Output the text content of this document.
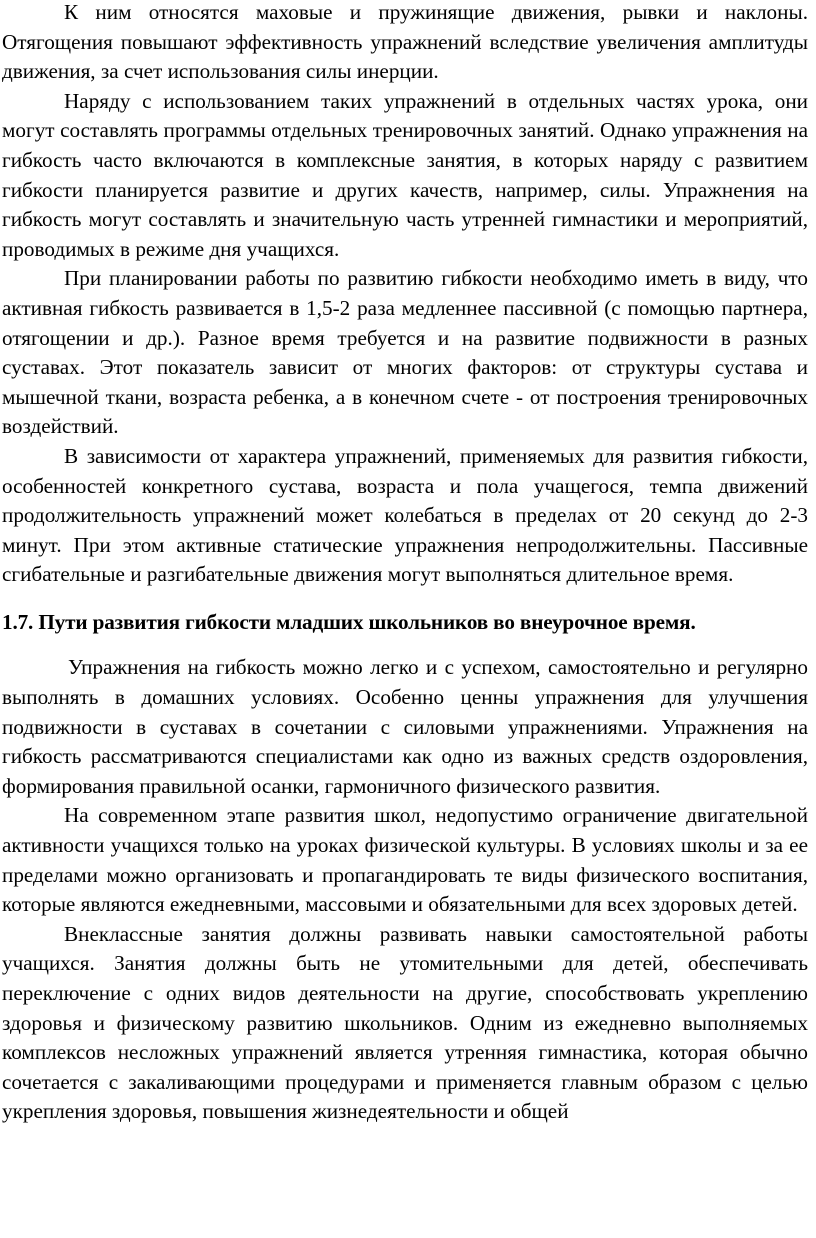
К ним относятся маховые и пружинящие движения, рывки и наклоны. Отягощения повышают эффективность упражнений вследствие увеличения амплитуды движения, за счет использования силы инерции.

Наряду с использованием таких упражнений в отдельных частях урока, они могут составлять программы отдельных тренировочных занятий. Однако упражнения на гибкость часто включаются в комплексные занятия, в которых наряду с развитием гибкости планируется развитие и других качеств, например, силы. Упражнения на гибкость могут составлять и значительную часть утренней гимнастики и мероприятий, проводимых в режиме дня учащихся.

При планировании работы по развитию гибкости необходимо иметь в виду, что активная гибкость развивается в 1,5-2 раза медленнее пассивной (с помощью партнера, отягощении и др.). Разное время требуется и на развитие подвижности в разных суставах. Этот показатель зависит от многих факторов: от структуры сустава и мышечной ткани, возраста ребенка, а в конечном счете - от построения тренировочных воздействий.

В зависимости от характера упражнений, применяемых для развития гибкости, особенностей конкретного сустава, возраста и пола учащегося, темпа движений продолжительность упражнений может колебаться в пределах от 20 секунд до 2-3 минут. При этом активные статические упражнения непродолжительны. Пассивные сгибательные и разгибательные движения могут выполняться длительное время.

1.7. Пути развития гибкости младших школьников во внеурочное время.

Упражнения на гибкость можно легко и с успехом, самостоятельно и регулярно выполнять в домашних условиях. Особенно ценны упражнения для улучшения подвижности в суставах в сочетании с силовыми упражнениями. Упражнения на гибкость рассматриваются специалистами как одно из важных средств оздоровления, формирования правильной осанки, гармоничного физического развития.

На современном этапе развития школ, недопустимо ограничение двигательной активности учащихся только на уроках физической культуры. В условиях школы и за ее пределами можно организовать и пропагандировать те виды физического воспитания, которые являются ежедневными, массовыми и обязательными для всех здоровых детей.

Внеклассные занятия должны развивать навыки самостоятельной работы учащихся. Занятия должны быть не утомительными для детей, обеспечивать переключение с одних видов деятельности на другие, способствовать укреплению здоровья и физическому развитию школьников. Одним из ежедневно выполняемых комплексов несложных упражнений является утренняя гимнастика, которая обычно сочетается с закаливающими процедурами и применяется главным образом с целью укрепления здоровья, повышения жизнедеятельности и общей
